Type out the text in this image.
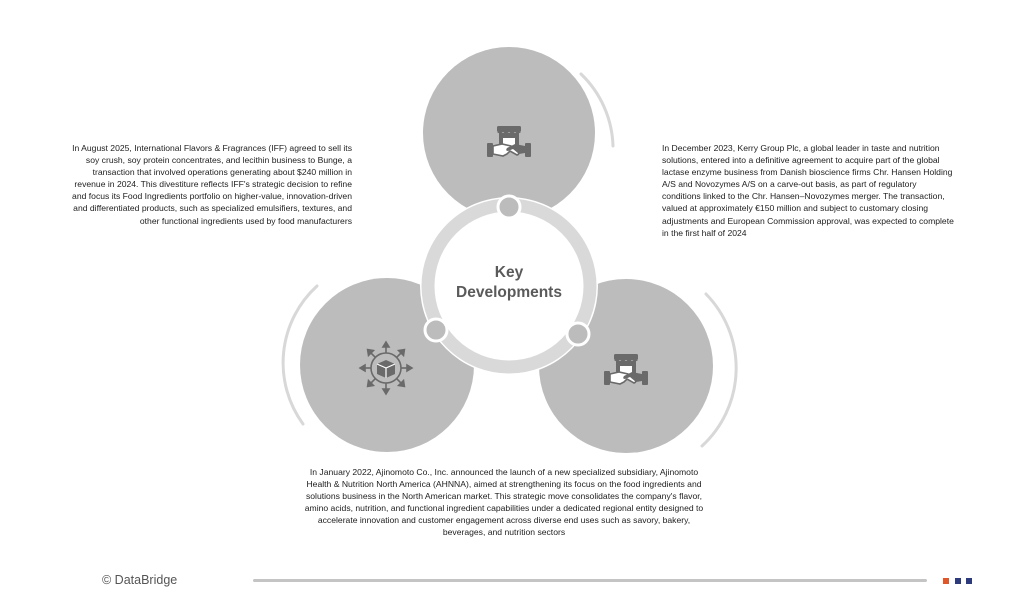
Key
Developments
In August 2025, International Flavors & Fragrances (IFF) agreed to sell its soy crush, soy protein concentrates, and lecithin business to Bunge, a transaction that involved operations generating about $240 million in revenue in 2024. This divestiture reflects IFF's strategic decision to refine and focus its Food Ingredients portfolio on higher-value, innovation-driven and differentiated products, such as specialized emulsifiers, textures, and other functional ingredients used by food manufacturers
In December 2023, Kerry Group Plc, a global leader in taste and nutrition solutions, entered into a definitive agreement to acquire part of the global lactase enzyme business from Danish bioscience firms Chr. Hansen Holding A/S and Novozymes A/S on a carve-out basis, as part of regulatory conditions linked to the Chr. Hansen–Novozymes merger. The transaction, valued at approximately €150 million and subject to customary closing adjustments and European Commission approval, was expected to complete in the first half of 2024
In January 2022, Ajinomoto Co., Inc. announced the launch of a new specialized subsidiary, Ajinomoto Health & Nutrition North America (AHNNA), aimed at strengthening its focus on the food ingredients and solutions business in the North American market. This strategic move consolidates the company's flavor, amino acids, nutrition, and functional ingredient capabilities under a dedicated regional entity designed to accelerate innovation and customer engagement across diverse end uses such as savory, bakery, beverages, and nutrition sectors
© DataBridge
